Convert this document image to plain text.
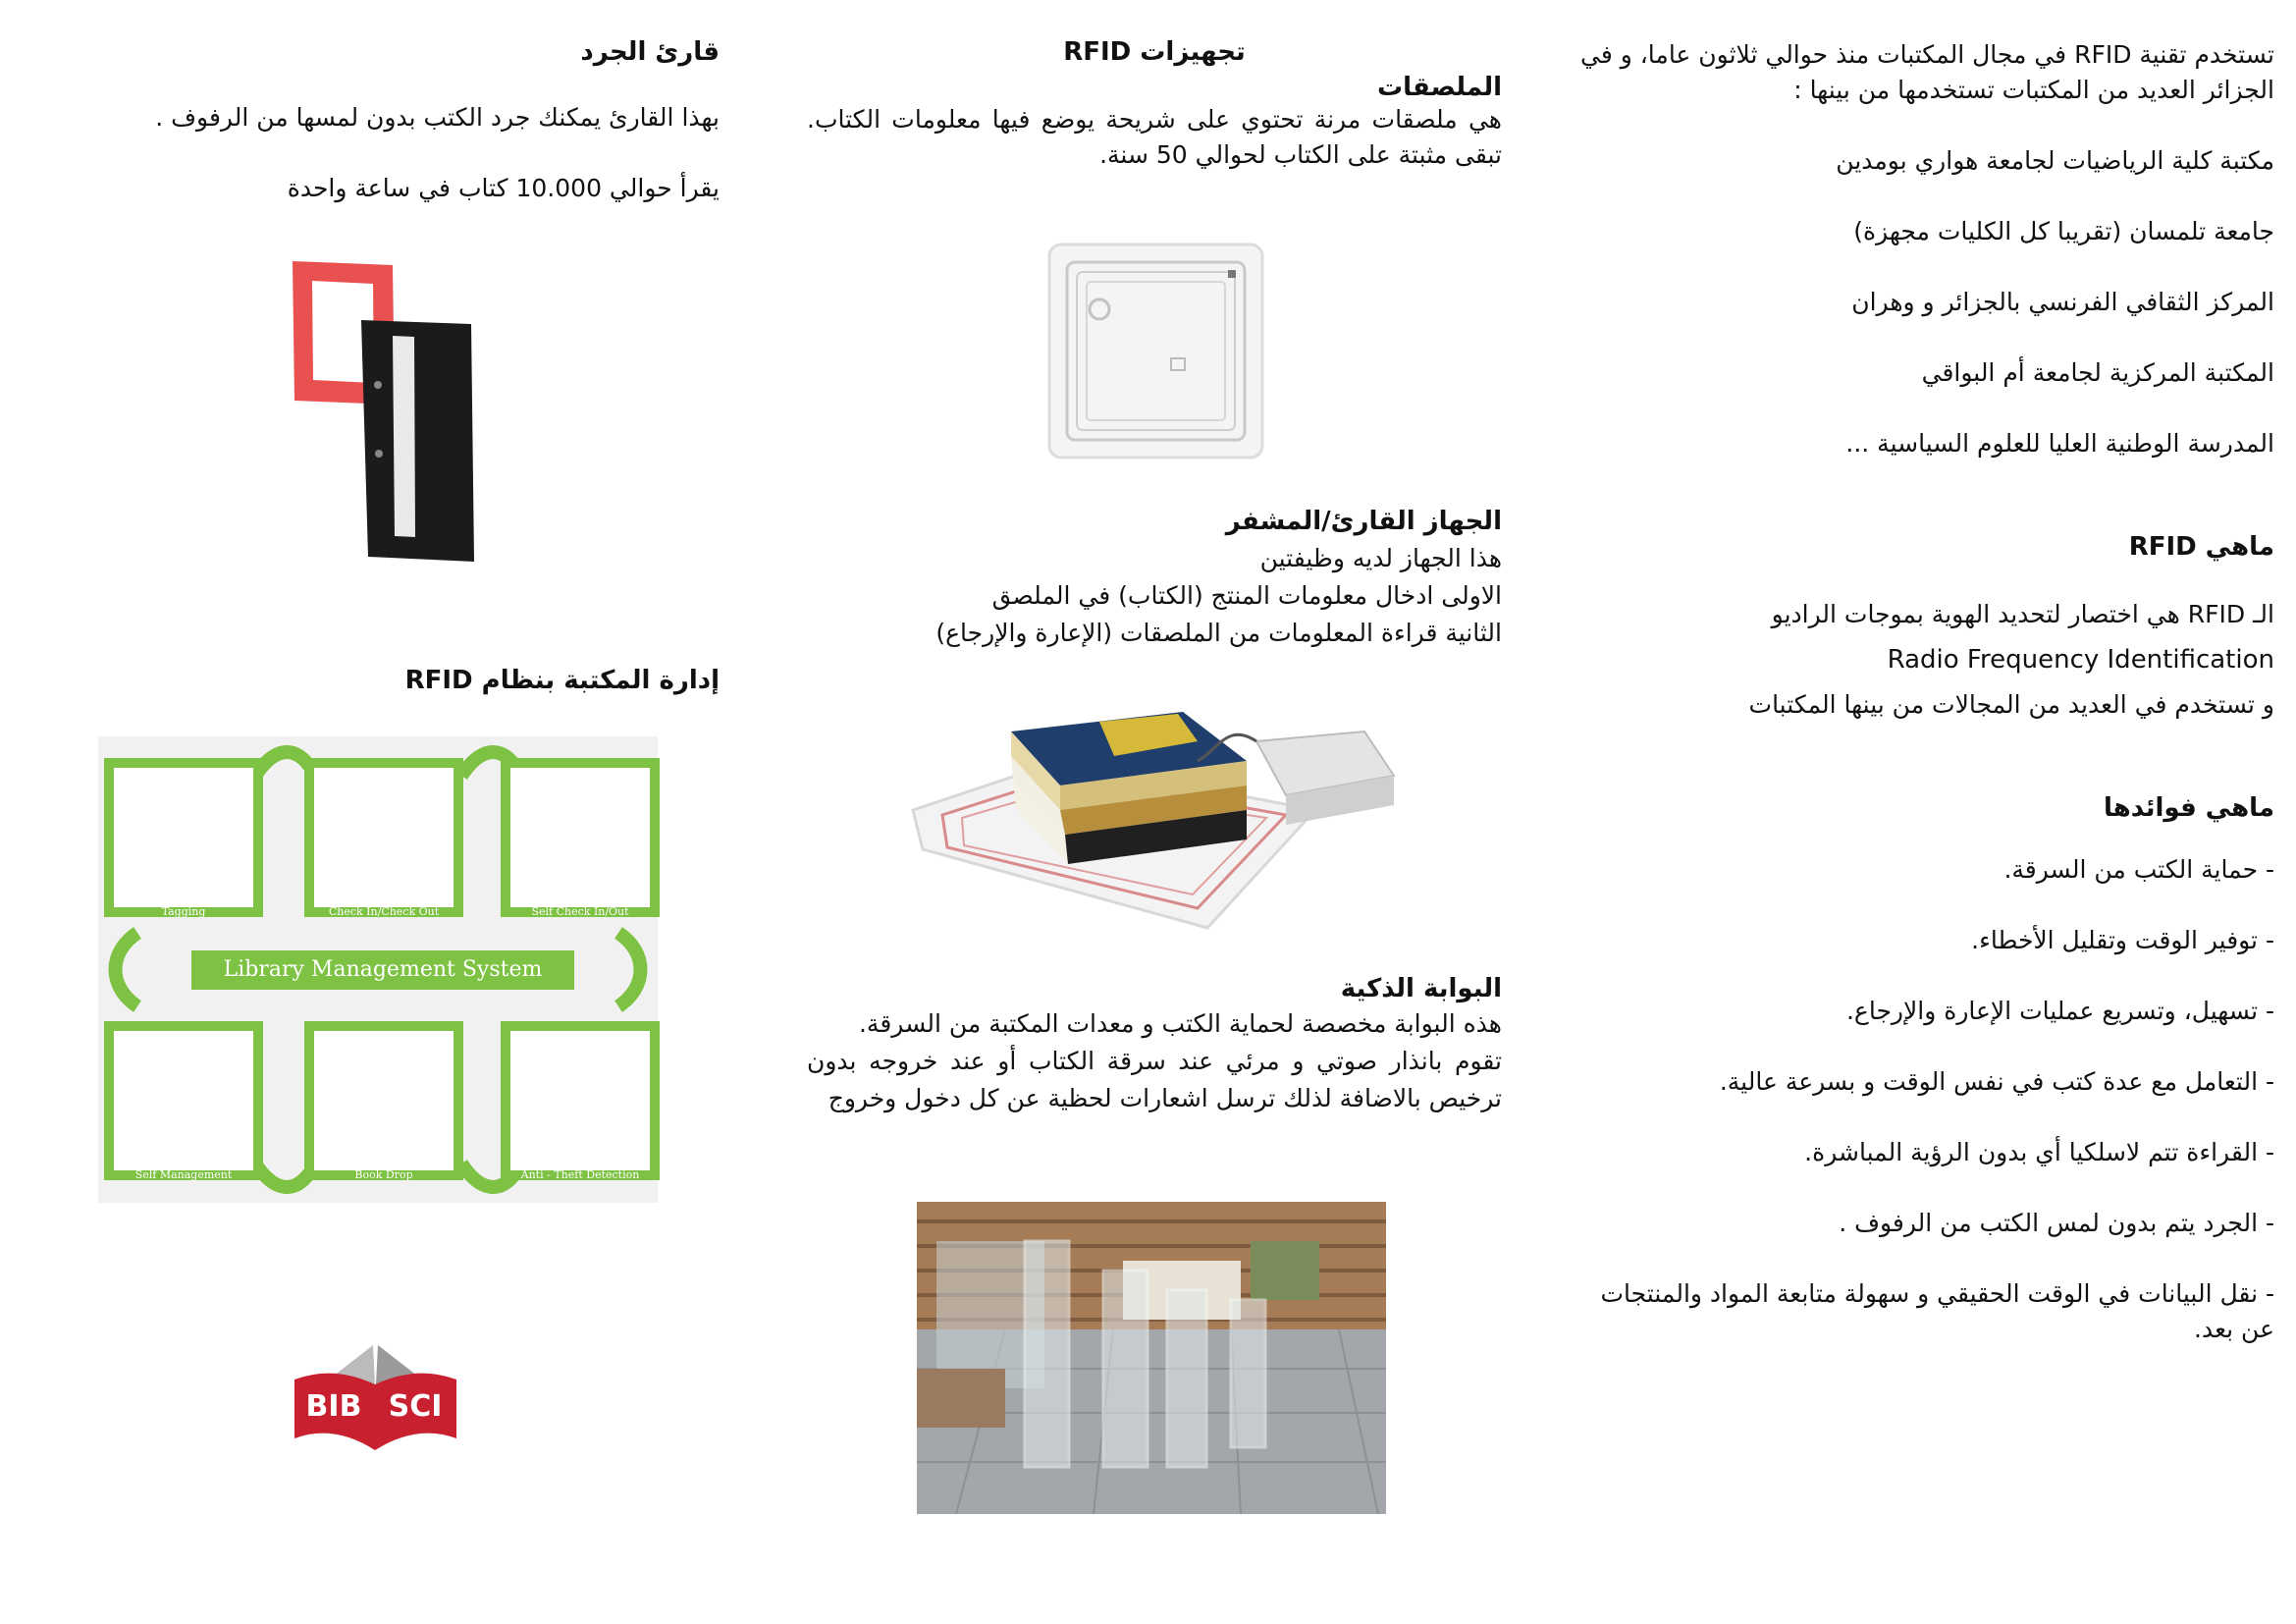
تستخدم تقنية RFID في مجال المكتبات منذ حوالي ثلاثون عاما، و في الجزائر العديد من المكتبات تستخدمها من بينها :

مكتبة كلية الرياضيات لجامعة هواري بومدين

جامعة تلمسان (تقريبا كل الكليات مجهزة)

المركز الثقافي الفرنسي بالجزائر و وهران

المكتبة المركزية لجامعة أم البواقي

المدرسة الوطنية العليا للعلوم السياسية ...

ماهي RFID

الـ RFID هي اختصار لتحديد الهوية بموجات الراديو

Radio Frequency Identification

و تستخدم في العديد من المجالات من بينها المكتبات

ماهي فوائدها

- حماية الكتب من السرقة.

- توفير الوقت وتقليل الأخطاء.

- تسهيل، وتسريع عمليات الإعارة والإرجاع.

- التعامل مع عدة كتب في نفس الوقت و بسرعة عالية.

- القراءة تتم لاسلكيا أي بدون الرؤية المباشرة.

- الجرد يتم بدون لمس الكتب من الرفوف .

- نقل البيانات في الوقت الحقيقي و سهولة متابعة المواد والمنتجات عن بعد.

تجهيزات RFID

الملصقات

هي ملصقات مرنة تحتوي على شريحة يوضع فيها معلومات الكتاب. تبقى مثبتة على الكتاب لحوالي 50 سنة.

الجهاز القارئ/المشفر

هذا الجهاز لديه وظيفتين

الاولى ادخال معلومات المنتج (الكتاب) في الملصق

الثانية قراءة المعلومات من الملصقات (الإعارة والإرجاع)

البوابة الذكية

هذه البوابة مخصصة لحماية الكتب و معدات المكتبة من السرقة.

تقوم بانذار صوتي و مرئي عند سرقة الكتاب أو عند خروجه بدون ترخيص بالاضافة لذلك ترسل اشعارات لحظية عن كل دخول وخروج

قارئ الجرد

بهذا القارئ يمكنك جرد الكتب بدون لمسها من الرفوف .

يقرأ حوالي 10.000 كتاب في ساعة واحدة

إدارة المكتبة بنظام RFID

Tagging	Check In/Check Out	Self Check In/Out
Self Management	Book Drop	Anti - Theft Detection
Library Management System
BIB SCI
